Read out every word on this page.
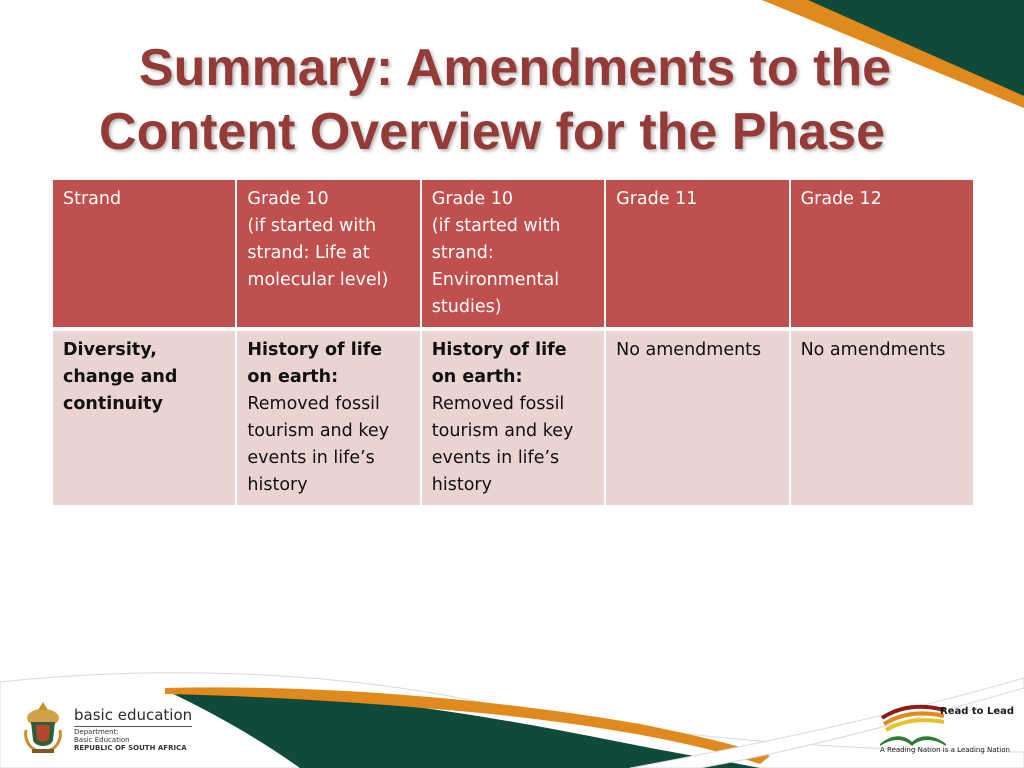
Summary: Amendments to the
Content Overview for the Phase
Strand	Grade 10
(if started with
strand: Life at
molecular level)	Grade 10
(if started with
strand:
Environmental
studies)	Grade 11	Grade 12

Diversity, change and continuity	History of life on earth:
Removed fossil tourism and key events in life’s history	History of life on earth:
Removed fossil tourism and key events in life’s history	No amendments	No amendments
basic education
Department:
Basic Education
REPUBLIC OF SOUTH AFRICA
Read to Lead
A Reading Nation is a Leading Nation
